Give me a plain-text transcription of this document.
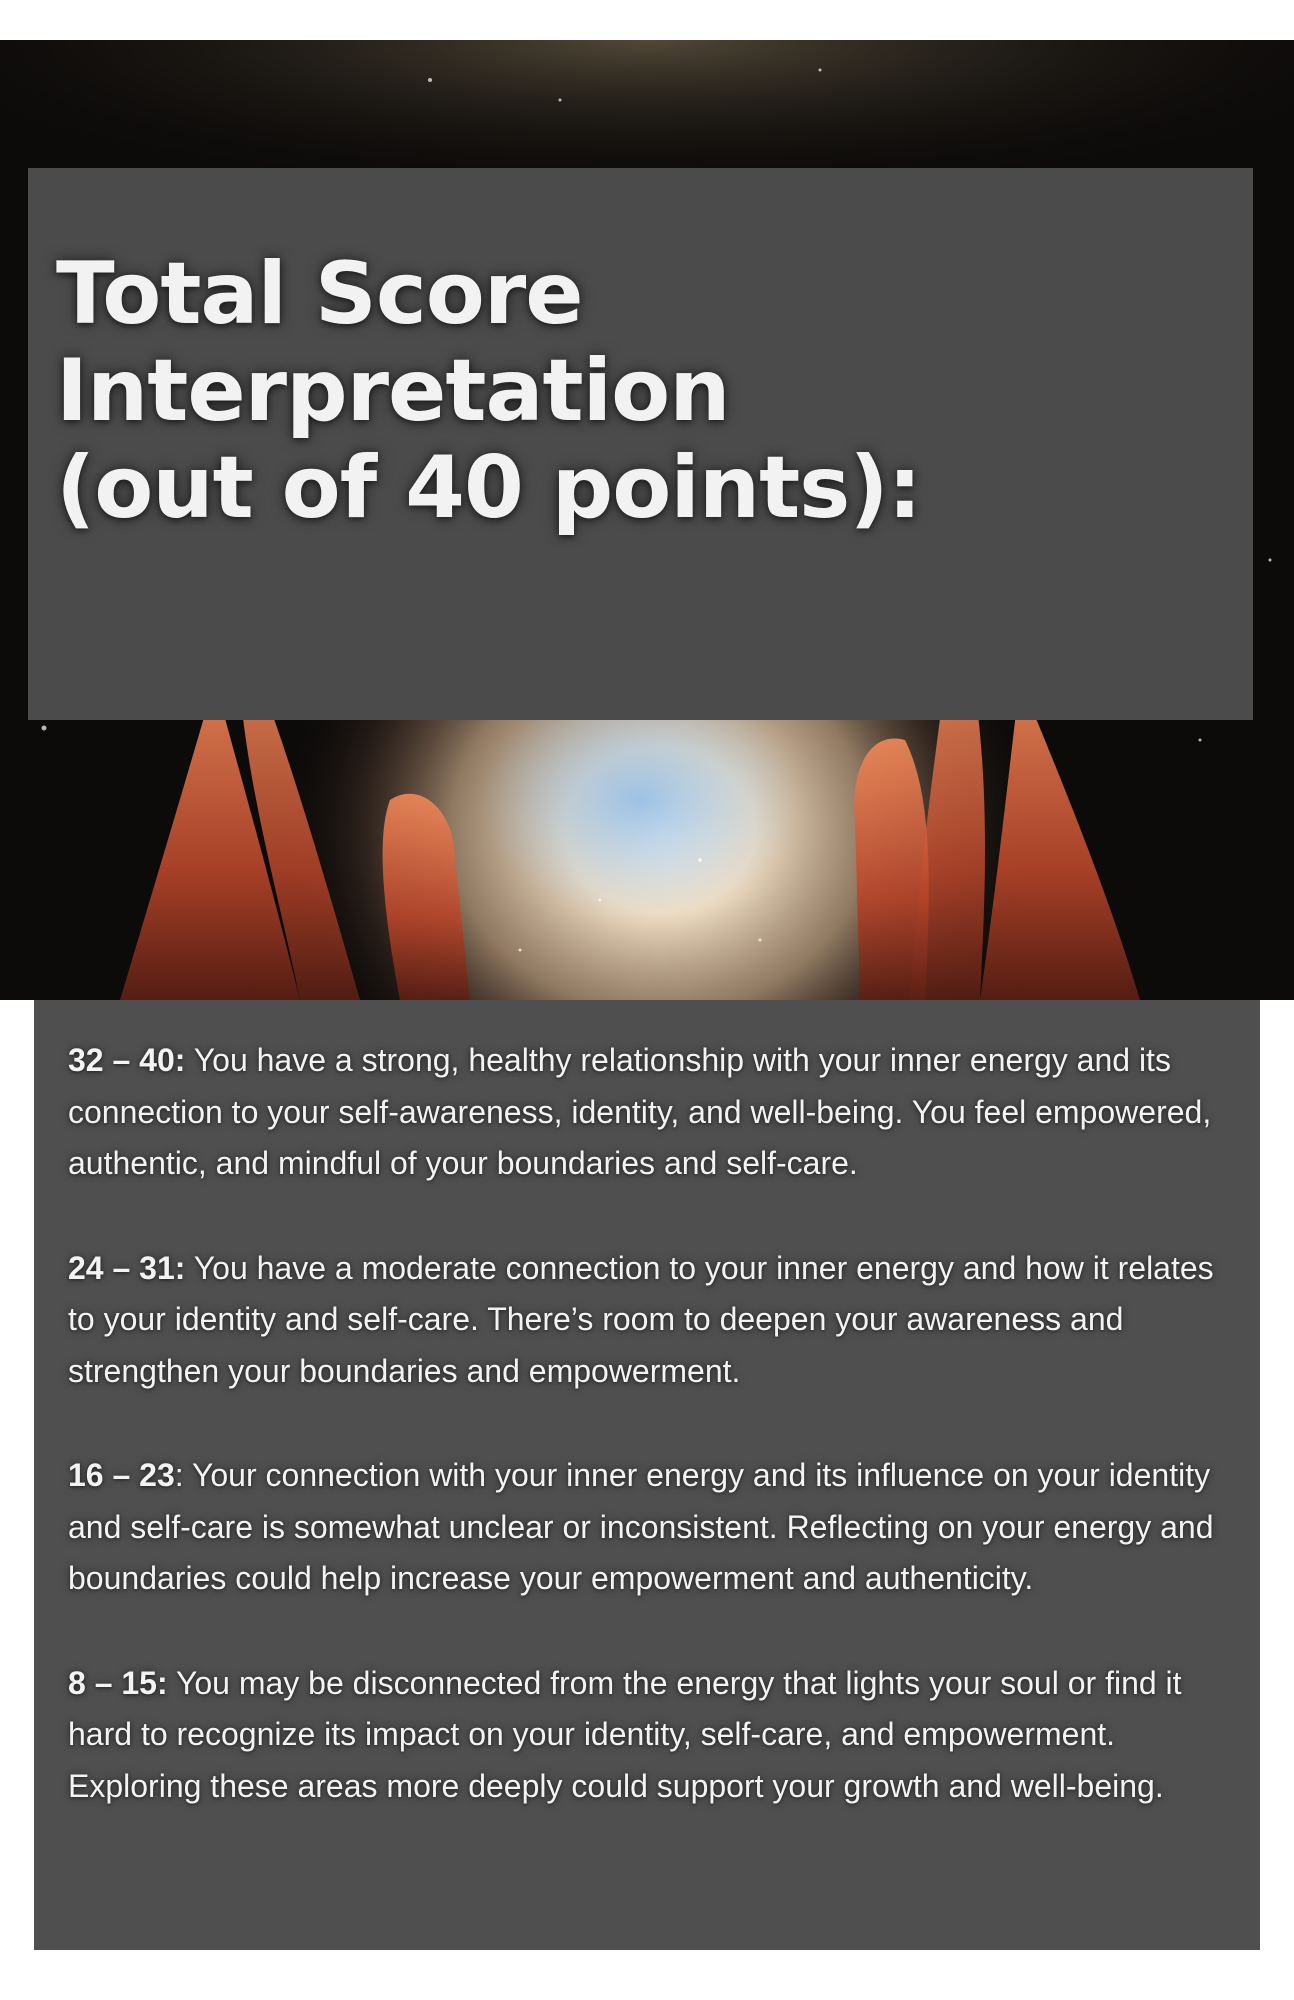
Total Score
Interpretation
(out of 40 points):

32 – 40: You have a strong, healthy relationship with your inner energy and its connection to your self-awareness, identity, and well-being. You feel empowered, authentic, and mindful of your boundaries and self-care.

24 – 31: You have a moderate connection to your inner energy and how it relates to your identity and self-care. There’s room to deepen your awareness and strengthen your boundaries and empowerment.

16 – 23: Your connection with your inner energy and its influence on your identity and self-care is somewhat unclear or inconsistent. Reflecting on your energy and boundaries could help increase your empowerment and authenticity.

8 – 15: You may be disconnected from the energy that lights your soul or find it hard to recognize its impact on your identity, self-care, and empowerment. Exploring these areas more deeply could support your growth and well-being.
